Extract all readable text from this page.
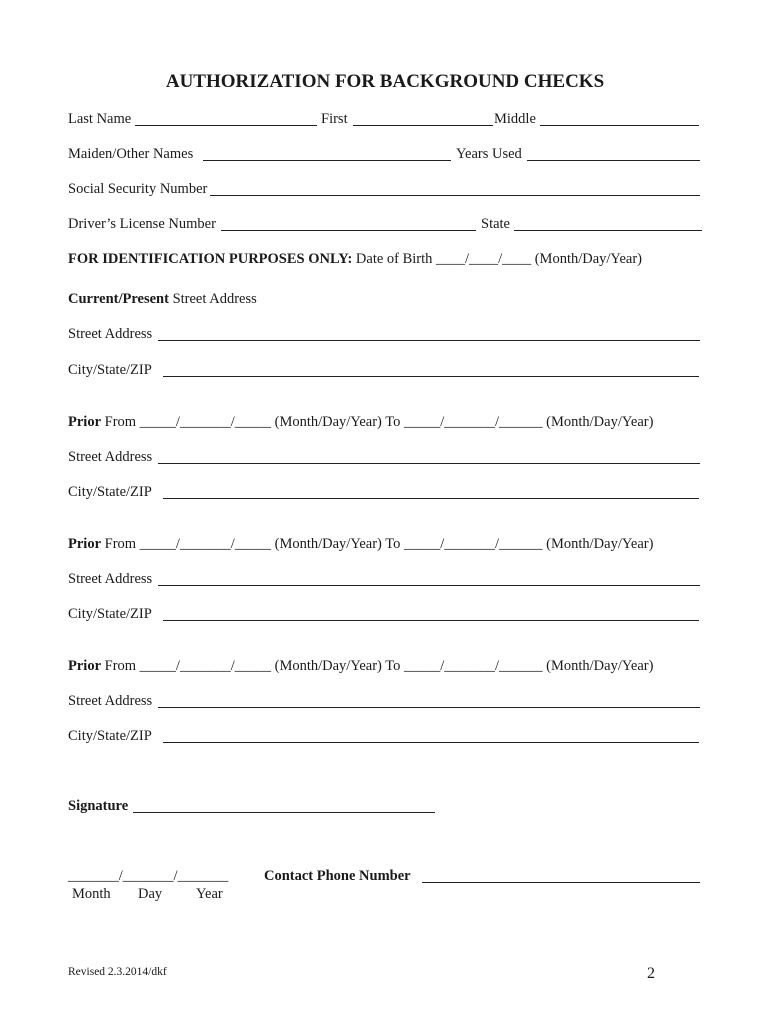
AUTHORIZATION FOR BACKGROUND CHECKS
Last Name	First	Middle
Maiden/Other Names	Years Used
Social Security Number
Driver’s License Number	State
FOR IDENTIFICATION PURPOSES ONLY: Date of Birth ____/____/____ (Month/Day/Year)
Current/Present Street Address
Street Address
City/State/ZIP
Prior From _____/_______/_____ (Month/Day/Year) To _____/_______/______ (Month/Day/Year)
Street Address
City/State/ZIP
Prior From _____/_______/_____ (Month/Day/Year) To _____/_______/______ (Month/Day/Year)
Street Address
City/State/ZIP
Prior From _____/_______/_____ (Month/Day/Year) To _____/_______/______ (Month/Day/Year)
Street Address
City/State/ZIP
Signature
_______/_______/_______
Month Day Year
Contact Phone Number
Revised 2.3.2014/dkf	2
